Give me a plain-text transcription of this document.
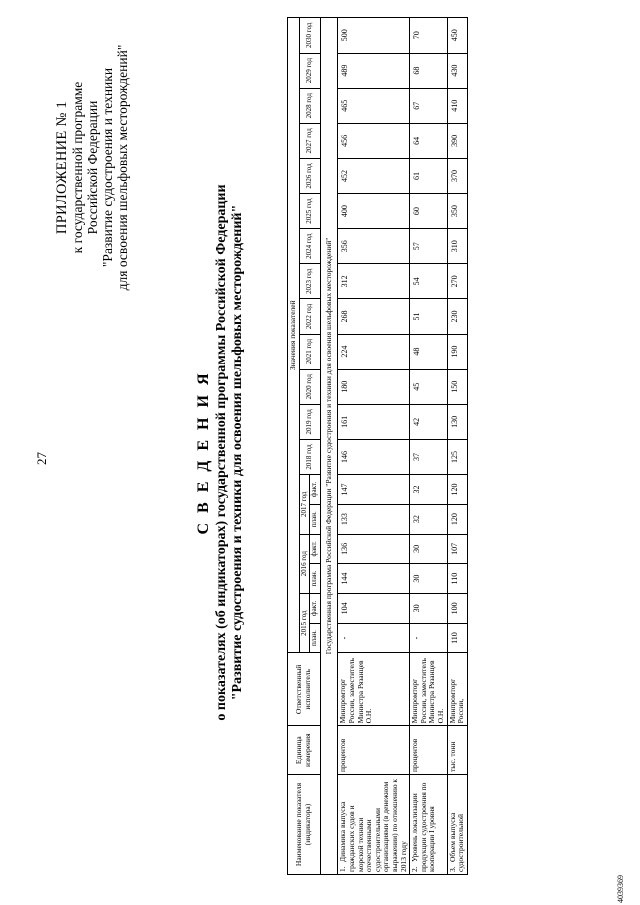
27
ПРИЛОЖЕНИЕ № 1 к государственной программе Российской Федерации "Развитие судостроения и техники для освоения шельфовых месторождений"
С В Е Д Е Н И Я о показателях (об индикаторах) государственной программы Российской Федерации "Развитие судостроения и техники для освоения шельфовых месторождений"
Наименование показателя (индикатора)	Единица измерения	Ответственный исполнитель	Значения показателей																		
			2015 год		2016 год		2017 год		2018 год	2019 год	2020 год	2021 год	2022 год	2023 год	2024 год	2025 год	2026 год	2027 год	2028 год	2029 год	2030 год
			план.	факт.	план.	факт.	план.	факт.													
Государственная программа Российской Федерации "Развитие судостроения и техники для освоения шельфовых месторождений"																					
1.Динамика выпуска гражданских судов и морской техники отечественными судостроительными организациями (в денежном выражении) по отношению к 2013 году	процентов	Минпромторг России, заместитель Министра Рязанцев О.Н.	-	104	144	136	133	147	146	161	180	224	268	312	356	400	452	456	465	489	500
2.Уровень локализации продукции судостроения по кооперации I уровня	процентов	Минпромторг России, заместитель Министра Рязанцев О.Н.	-	30	30	30	32	32	37	42	45	48	51	54	57	60	61	64	67	68	70
3.Объем выпуска судостроительной	тыс. тонн	Минпромторг России,	110	100	110	107	120	120	125	130	150	190	230	270	310	350	370	390	410	430	450
4039369
